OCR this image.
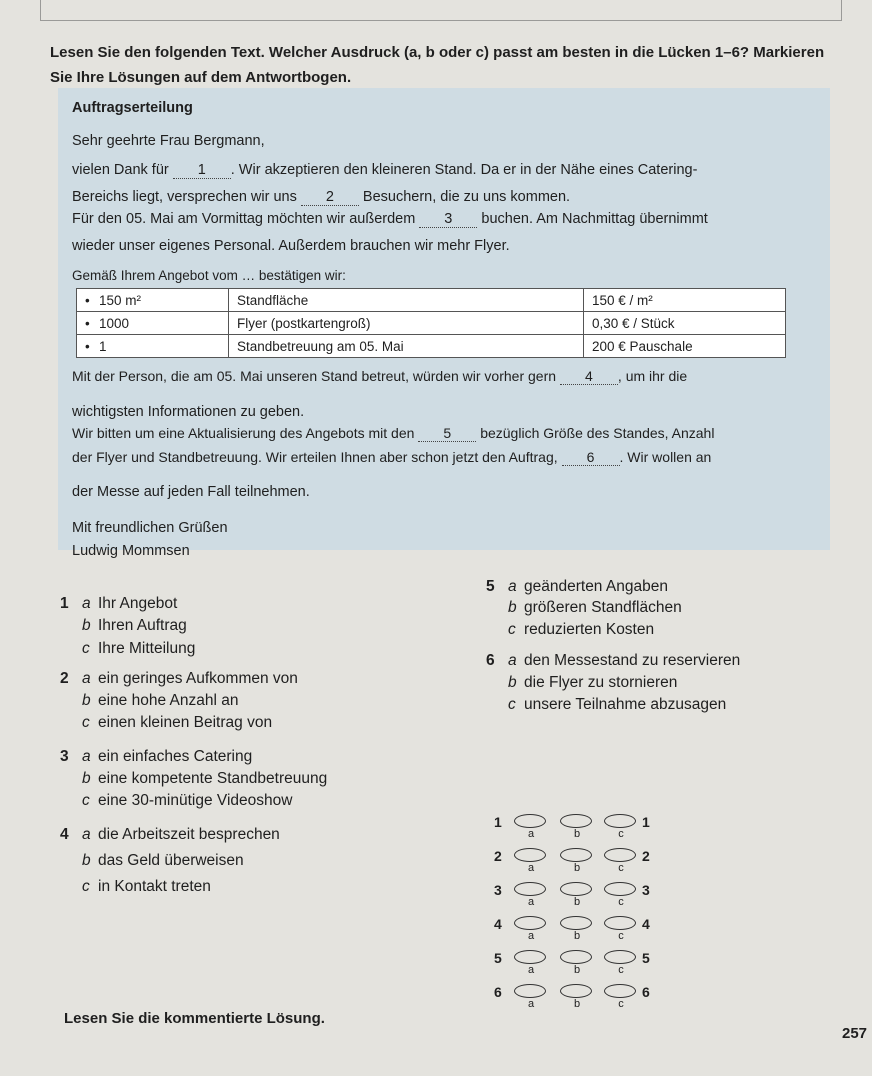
Lesen Sie den folgenden Text. Welcher Ausdruck (a, b oder c) passt am besten in die Lücken 1–6? Markieren Sie Ihre Lösungen auf dem Antwortbogen.
Auftragserteilung
Sehr geehrte Frau Bergmann,
vielen Dank für 1 . Wir akzeptieren den kleineren Stand. Da er in der Nähe eines Catering-
Bereichs liegt, versprechen wir uns 2 Besuchern, die zu uns kommen.
Für den 05. Mai am Vormittag möchten wir außerdem 3 buchen. Am Nachmittag übernimmt
wieder unser eigenes Personal. Außerdem brauchen wir mehr Flyer.
Gemäß Ihrem Angebot vom … bestätigen wir:
• 150 m²	Standfläche	150 € / m²
• 1000	Flyer (postkartengroß)	0,30 € / Stück
• 1	Standbetreuung am 05. Mai	200 € Pauschale
Mit der Person, die am 05. Mai unseren Stand betreut, würden wir vorher gern 4 , um ihr die
wichtigsten Informationen zu geben.
Wir bitten um eine Aktualisierung des Angebots mit den 5 bezüglich Größe des Standes, Anzahl
der Flyer und Standbetreuung. Wir erteilen Ihnen aber schon jetzt den Auftrag, 6 . Wir wollen an
der Messe auf jeden Fall teilnehmen.
Mit freundlichen Grüßen
Ludwig Mommsen
1 a Ihr Angebot
b Ihren Auftrag
c Ihre Mitteilung
2 a ein geringes Aufkommen von
b eine hohe Anzahl an
c einen kleinen Beitrag von
3 a ein einfaches Catering
b eine kompetente Standbetreuung
c eine 30-minütige Videoshow
4 a die Arbeitszeit besprechen
b das Geld überweisen
c in Kontakt treten
5 a geänderten Angaben
b größeren Standflächen
c reduzierten Kosten
6 a den Messestand zu reservieren
b die Flyer zu stornieren
c unsere Teilnahme abzusagen
1
a	b	c
1
2
a	b	c
2
3
a	b	c
3
4
a	b	c
4
5
a	b	c
5
6
a	b	c
6
Lesen Sie die kommentierte Lösung.
257
